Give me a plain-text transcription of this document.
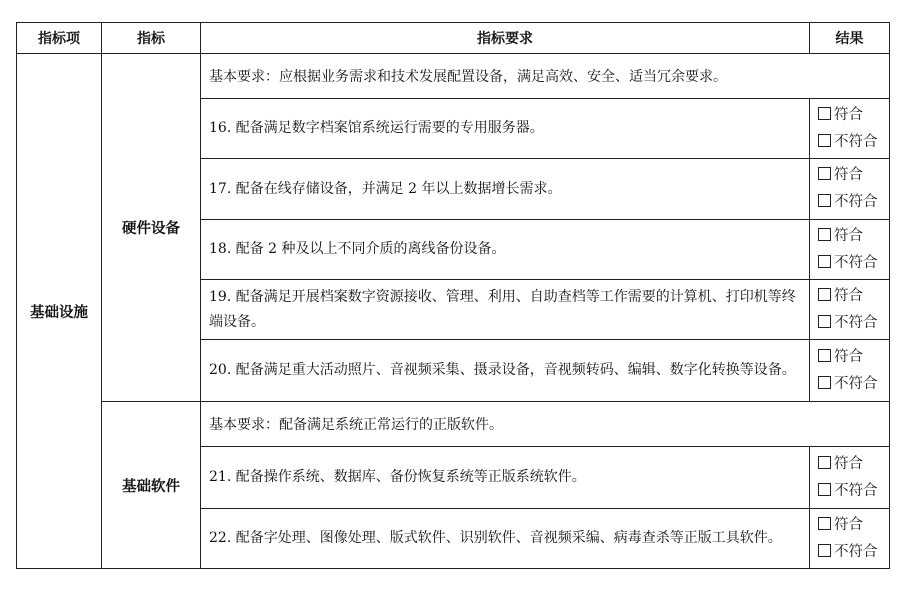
指标项	指标	指标要求	结果
基础设施	硬件设备	基本要求：应根据业务需求和技术发展配置设备，满足高效、安全、适当冗余要求。	
		16. 配备满足数字档案馆系统运行需要的专用服务器。	符合
不符合

		17. 配备在线存储设备，并满足 2 年以上数据增长需求。	符合
不符合

		18. 配备 2 种及以上不同介质的离线备份设备。	符合
不符合

		19. 配备满足开展档案数字资源接收、管理、利用、自助查档等工作需要的计算机、打印机等终端设备。	符合
不符合

		20. 配备满足重大活动照片、音视频采集、摄录设备，音视频转码、编辑、数字化转换等设备。	符合
不符合

	基础软件	基本要求：配备满足系统正常运行的正版软件。	
		21. 配备操作系统、数据库、备份恢复系统等正版系统软件。	符合
不符合

		22. 配备字处理、图像处理、版式软件、识别软件、音视频采编、病毒查杀等正版工具软件。	符合
不符合
